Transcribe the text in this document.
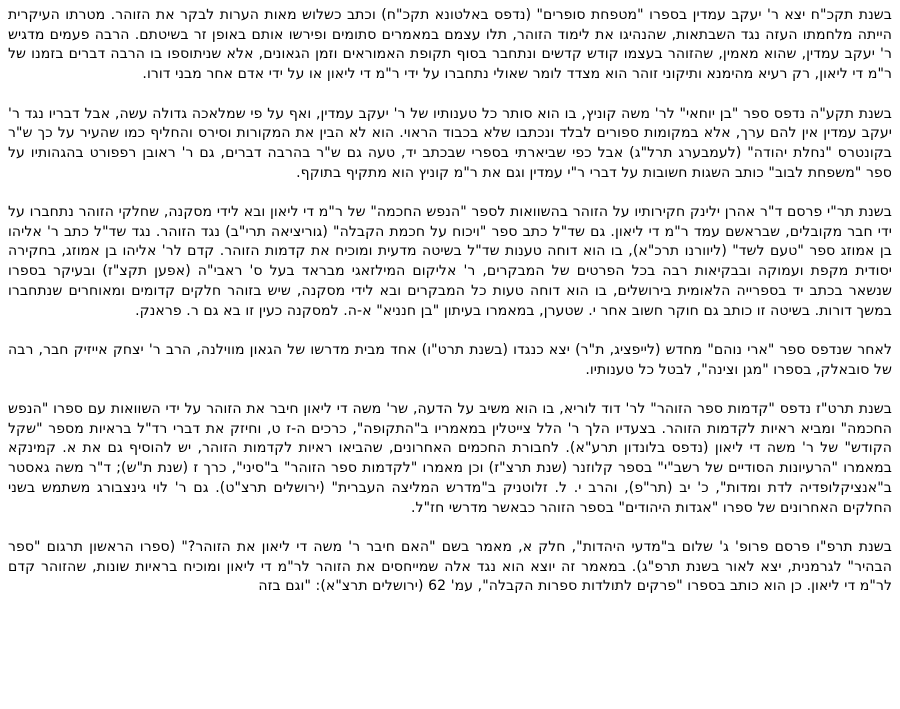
בשנת תקכ"ח יצא ר' יעקב עמדין בספרו "מטפחת סופרים" (נדפס באלטונא תקכ"ח) וכתב כשלוש מאות הערות לבקר את הזוהר. מטרתו העיקרית הייתה מלחמתו העזה נגד השבתאות, שהנהיגו את לימוד הזוהר, תלו עצמם במאמרים סתומים ופירשו אותם באופן זר בשיטתם. הרבה פעמים מדגיש ר' יעקב עמדין, שהוא מאמין, שהזוהר בעצמו קודש קדשים ונתחבר בסוף תקופת האמוראים וזמן הגאונים, אלא שניתוספו בו הרבה דברים בזמנו של ר"מ די ליאון, רק רעיא מהימנא ותיקוני זוהר הוא מצדד לומר שאולי נתחברו על ידי ר"מ די ליאון או על ידי אדם אחר מבני דורו.

בשנת תקע"ה נדפס ספר "בן יוחאי" לר' משה קוניץ, בו הוא סותר כל טענותיו של ר' יעקב עמדין, ואף על פי שמלאכה גדולה עשה, אבל דבריו נגד ר' יעקב עמדין אין להם ערך, אלא במקומות ספורים לבלד ונכתבו שלא בכבוד הראוי. הוא לא הבין את המקורות וסירס והחליף כמו שהעיר על כך ש"ר בקונטרס "נחלת יהודה" (לעמבערג תרל"ג) אבל כפי שביארתי בספרי שבכתב יד, טעה גם ש"ר בהרבה דברים, גם ר' ראובן רפפורט בהגהותיו על ספר "משפחת לבוב" כותב השגות חשובות על דברי ר"י עמדין וגם את ר"מ קוניץ הוא מתקיף בתוקף.

בשנת תר"י פרסם ד"ר אהרן ילינק חקירותיו על הזוהר בהשוואות לספר "הנפש החכמה" של ר"מ די ליאון ובא לידי מסקנה, שחלקי הזוהר נתחברו על ידי חבר מקובלים, שבראשם עמד ר"מ די ליאון. גם שד"ל כתב ספר "ויכוח על חכמת הקבלה" (גוריציאה תרי"ב) נגד הזוהר. נגד שד"ל כתב ר' אליהו בן אמוזג ספר "טעם לשד" (ליוורנו תרכ"א), בו הוא דוחה טענות שד"ל בשיטה מדעית ומוכיח את קדמות הזוהר. קדם לר' אליהו בן אמוזג, בחקירה יסודית מקפת ועמוקה ובבקיאות רבה בכל הפרטים של המבקרים, ר' אליקום המילזאגי מבראד בעל ס' ראבי"ה (אפען תקצ"ז) ובעיקר בספרו שנשאר בכתב יד בספרייה הלאומית בירושלים, בו הוא דוחה טעות כל המבקרים ובא לידי מסקנה, שיש בזוהר חלקים קדומים ומאוחרים שנתחברו במשך דורות. בשיטה זו כותב גם חוקר חשוב אחר י. שטערן, במאמרו בעיתון "בן חנניא" א-ה. למסקנה כעין זו בא גם ר. פראנק.

לאחר שנדפס ספר "ארי נוהם" מחדש (לייפציג, ת"ר) יצא כנגדו (בשנת תרט"ו) אחד מבית מדרשו של הגאון מווילנה, הרב ר' יצחק אייזיק חבר, רבה של סובאלק, בספרו "מגן וצינה", לבטל כל טענותיו.

בשנת תרט"ז נדפס "קדמות ספר הזוהר" לר' דוד לוריא, בו הוא משיב על הדעה, שר' משה די ליאון חיבר את הזוהר על ידי השוואות עם ספרו "הנפש החכמה" ומביא ראיות לקדמות הזוהר. בצעדיו הלך ר' הלל צייטלין במאמריו ב"התקופה", כרכים ה-ז ט, וחיזק את דברי רד"ל בראיות מספר "שקל הקודש" של ר' משה די ליאון (נדפס בלונדון תרע"א). לחבורת החכמים האחרונים, שהביאו ראיות לקדמות הזוהר, יש להוסיף גם את א. קמינקא במאמרו "הרעיונות הסודיים של רשב"י" בספר קלוזנר (שנת תרצ"ז) וכן מאמרו "לקדמות ספר הזוהר" ב"סיני", כרך ז (שנת ת"ש); ד"ר משה גאסטר ב"אנציקלופדיה לדת ומדות", כ' יב (תר"פ), והרב י. ל. זלוטניק ב"מדרש המליצה העברית" (ירושלים תרצ"ט). גם ר' לוי גינצבורג משתמש בשני החלקים האחרונים של ספרו "אגדות היהודים" בספר הזוהר כבאשר מדרשי חז"ל.

בשנת תרפ"ו פרסם פרופ' ג' שלום ב"מדעי היהדות", חלק א, מאמר בשם "האם חיבר ר' משה די ליאון את הזוהר?" (ספרו הראשון תרגום "ספר הבהיר" לגרמנית, יצא לאור בשנת תרפ"ג). במאמר זה יוצא הוא נגד אלה שמייחסים את הזוהר לר"מ די ליאון ומוכיח בראיות שונות, שהזוהר קדם לר"מ די ליאון. כן הוא כותב בספרו "פרקים לתולדות ספרות הקבלה", עמ' 62 (ירושלים תרצ"א): "וגם בזה
